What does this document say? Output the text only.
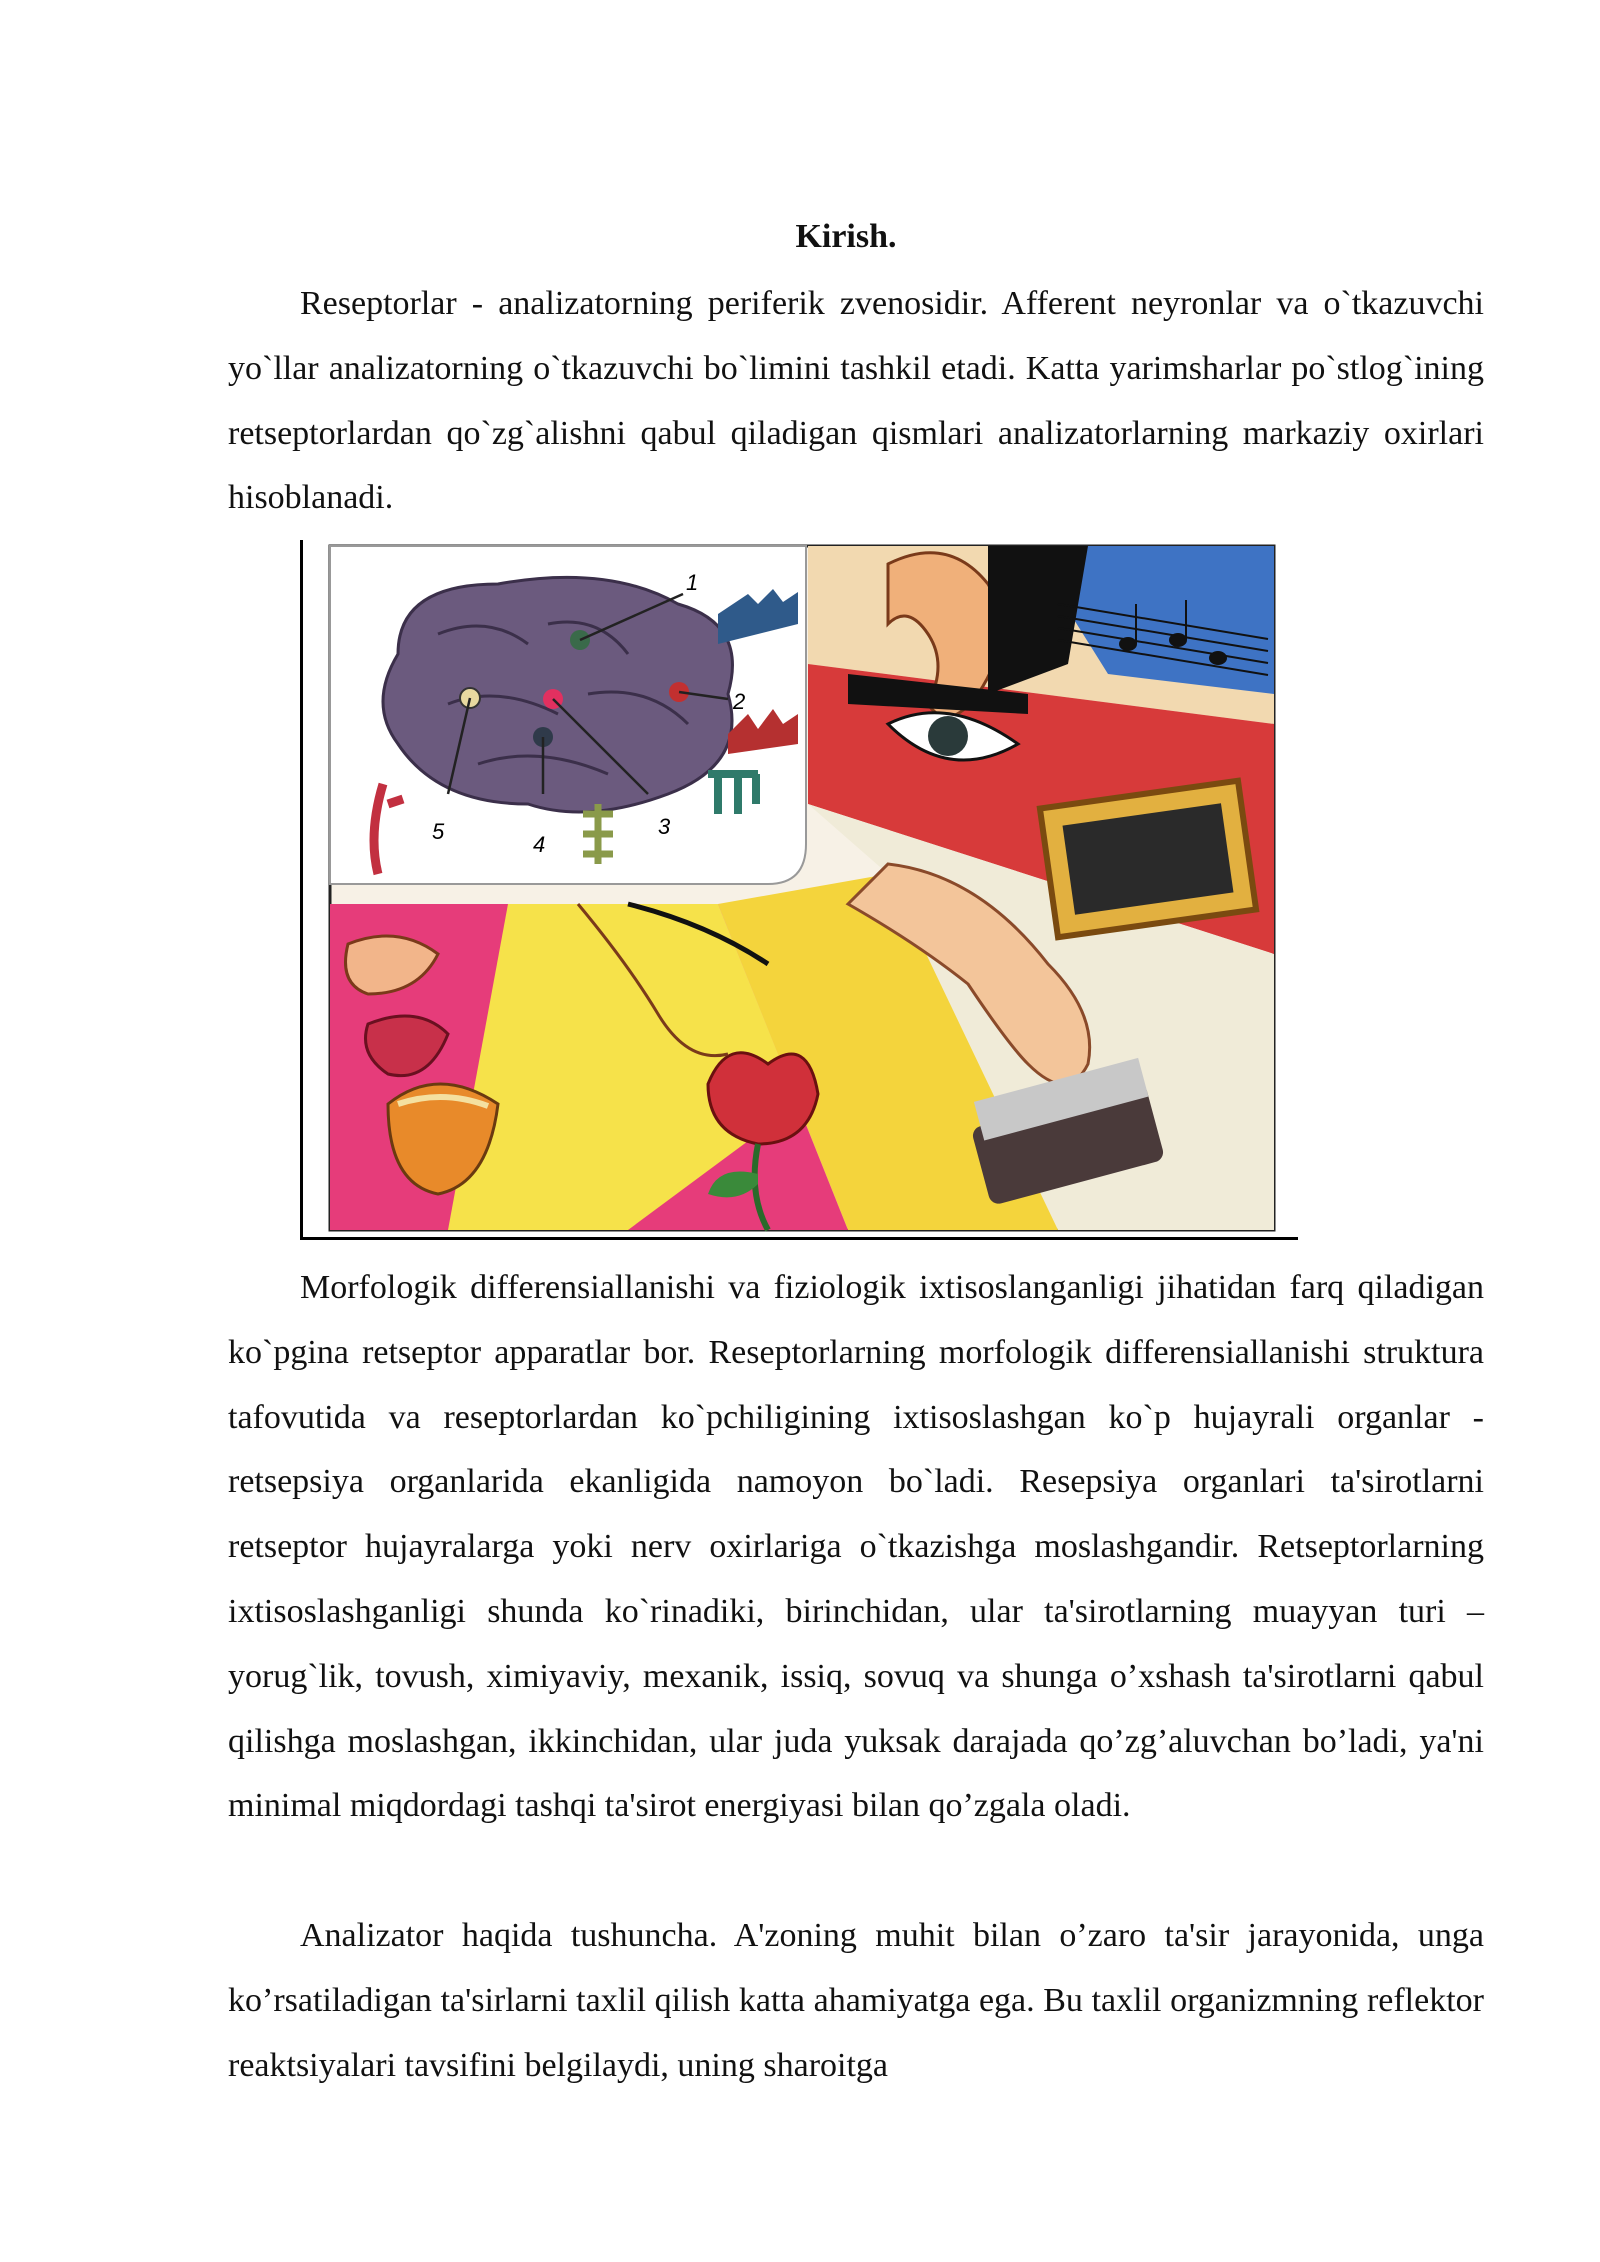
Kirish.

Reseptorlar - analizatorning periferik zvenosidir. Afferent neyronlar va o`tkazuvchi yo`llar analizatorning o`tkazuvchi bo`limini tashkil etadi. Katta yarimsharlar po`stlog`ining retseptorlardan qo`zg`alishni qabul qiladigan qismlari analizatorlarning markaziy oxirlari hisoblanadi.

1
2
3
4
5

Morfologik differensiallanishi va fiziologik ixtisoslanganligi jihatidan farq qiladigan ko`pgina retseptor apparatlar bor. Reseptorlarning morfologik differensiallanishi struktura tafovutida va reseptorlardan ko`pchiligining ixtisoslashgan ko`p hujayrali organlar - retsepsiya organlarida ekanligida namoyon bo`ladi. Resepsiya organlari ta'sirotlarni retseptor hujayralarga yoki nerv oxirlariga o`tkazishga moslashgandir. Retseptorlarning ixtisoslashganligi shunda ko`rinadiki, birinchidan, ular ta'sirotlarning muayyan turi – yorug`lik, tovush, ximiyaviy, mexanik, issiq, sovuq va shunga o’xshash ta'sirotlarni qabul qilishga moslashgan, ikkinchidan, ular juda yuksak darajada qo’zg’aluvchan bo’ladi, ya'ni minimal miqdordagi tashqi ta'sirot energiyasi bilan qo’zgala oladi.

Analizator haqida tushuncha. A'zoning muhit bilan o’zaro ta'sir jarayonida, unga ko’rsatiladigan ta'sirlarni taxlil qilish katta ahamiyatga ega. Bu taxlil organizmning reflektor reaktsiyalari tavsifini belgilaydi, uning sharoitga
